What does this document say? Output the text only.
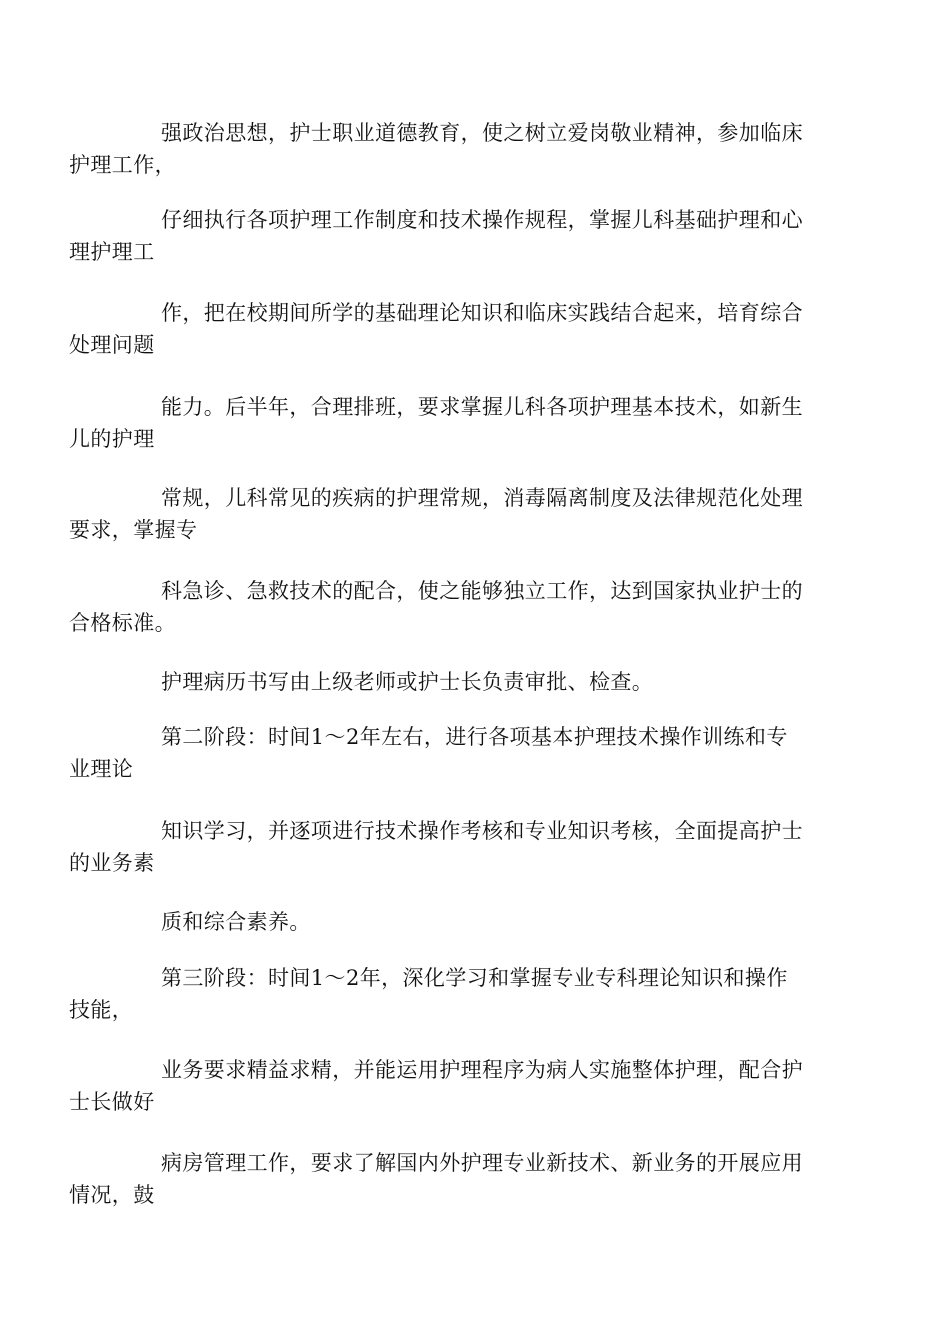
强政治思想，护士职业道德教育，使之树立爱岗敬业精神，参加临床
护理工作，
仔细执行各项护理工作制度和技术操作规程，掌握儿科基础护理和心
理护理工
作，把在校期间所学的基础理论知识和临床实践结合起来，培育综合
处理问题
能力。后半年，合理排班，要求掌握儿科各项护理基本技术，如新生
儿的护理
常规，儿科常见的疾病的护理常规，消毒隔离制度及法律规范化处理
要求，掌握专
科急诊、急救技术的配合，使之能够独立工作，达到国家执业护士的
合格标准。
护理病历书写由上级老师或护士长负责审批、检查。
第二阶段：时间1～2年左右，进行各项基本护理技术操作训练和专
业理论
知识学习，并逐项进行技术操作考核和专业知识考核，全面提高护士
的业务素
质和综合素养。
第三阶段：时间1～2年，深化学习和掌握专业专科理论知识和操作
技能，
业务要求精益求精，并能运用护理程序为病人实施整体护理，配合护
士长做好
病房管理工作，要求了解国内外护理专业新技术、新业务的开展应用
情况，鼓
